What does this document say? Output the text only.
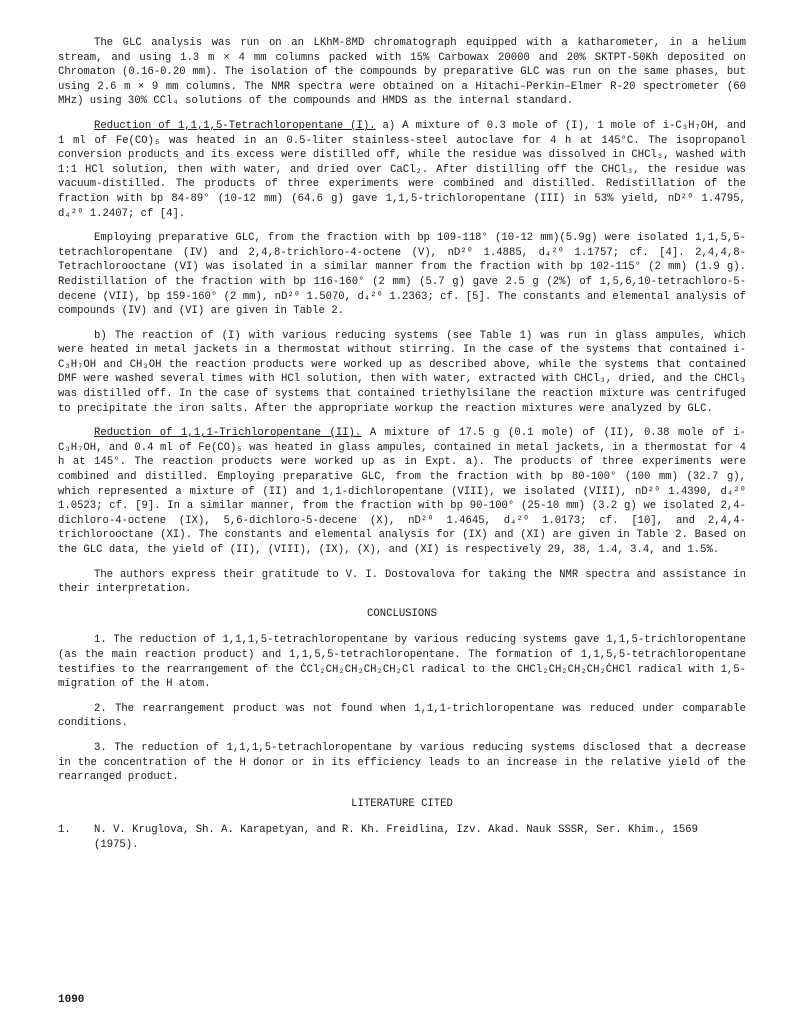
The GLC analysis was run on an LKhM-8MD chromatograph equipped with a katharometer, in a helium stream, and using 1.3 m × 4 mm columns packed with 15% Carbowax 20000 and 20% SKTPT-50Kh deposited on Chromaton (0.16-0.20 mm). The isolation of the compounds by preparative GLC was run on the same phases, but using 2.6 m × 9 mm columns. The NMR spectra were obtained on a Hitachi–Perkin–Elmer R-20 spectrometer (60 MHz) using 30% CCl₄ solutions of the compounds and HMDS as the internal standard.

Reduction of 1,1,1,5-Tetrachloropentane (I). a) A mixture of 0.3 mole of (I), 1 mole of i-C₃H₇OH, and 1 ml of Fe(CO)₅ was heated in an 0.5-liter stainless-steel autoclave for 4 h at 145°C. The isopropanol conversion products and its excess were distilled off, while the residue was dissolved in CHCl₃, washed with 1:1 HCl solution, then with water, and dried over CaCl₂. After distilling off the CHCl₃, the residue was vacuum-distilled. The products of three experiments were combined and distilled. Redistillation of the fraction with bp 84-89° (10-12 mm) (64.6 g) gave 1,1,5-trichloropentane (III) in 53% yield, nD²⁰ 1.4795, d₄²⁰ 1.2407; cf [4].

Employing preparative GLC, from the fraction with bp 109-118° (10-12 mm)(5.9g) were isolated 1,1,5,5-tetrachloropentane (IV) and 2,4,8-trichloro-4-octene (V), nD²⁰ 1.4885, d₄²⁰ 1.1757; cf. [4]. 2,4,4,8-Tetrachlorooctane (VI) was isolated in a similar manner from the fraction with bp 102-115° (2 mm) (1.9 g). Redistillation of the fraction with bp 116-160° (2 mm) (5.7 g) gave 2.5 g (2%) of 1,5,6,10-tetrachloro-5-decene (VII), bp 159-160° (2 mm), nD²⁰ 1.5070, d₄²⁰ 1.2363; cf. [5]. The constants and elemental analysis of compounds (IV) and (VI) are given in Table 2.

b) The reaction of (I) with various reducing systems (see Table 1) was run in glass ampules, which were heated in metal jackets in a thermostat without stirring. In the case of the systems that contained i-C₃H₇OH and CH₃OH the reaction products were worked up as described above, while the systems that contained DMF were washed several times with HCl solution, then with water, extracted with CHCl₃, dried, and the CHCl₃ was distilled off. In the case of systems that contained triethylsilane the reaction mixture was centrifuged to precipitate the iron salts. After the appropriate workup the reaction mixtures were analyzed by GLC.

Reduction of 1,1,1-Trichloropentane (II). A mixture of 17.5 g (0.1 mole) of (II), 0.38 mole of i-C₃H₇OH, and 0.4 ml of Fe(CO)₅ was heated in glass ampules, contained in metal jackets, in a thermostat for 4 h at 145°. The reaction products were worked up as in Expt. a). The products of three experiments were combined and distilled. Employing preparative GLC, from the fraction with bp 80-100° (100 mm) (32.7 g), which represented a mixture of (II) and 1,1-dichloropentane (VIII), we isolated (VIII), nD²⁰ 1.4390, d₄²⁰ 1.0523; cf. [9]. In a similar manner, from the fraction with bp 90-100° (25-10 mm) (3.2 g) we isolated 2,4-dichloro-4-octene (IX), 5,6-dichloro-5-decene (X), nD²⁰ 1.4645, d₄²⁰ 1.0173; cf. [10], and 2,4,4-trichlorooctane (XI). The constants and elemental analysis for (IX) and (XI) are given in Table 2. Based on the GLC data, the yield of (II), (VIII), (IX), (X), and (XI) is respectively 29, 38, 1.4, 3.4, and 1.5%.

The authors express their gratitude to V. I. Dostovalova for taking the NMR spectra and assistance in their interpretation.

CONCLUSIONS

1. The reduction of 1,1,1,5-tetrachloropentane by various reducing systems gave 1,1,5-trichloropentane (as the main reaction product) and 1,1,5,5-tetrachloropentane. The formation of 1,1,5,5-tetrachloropentane testifies to the rearrangement of the ĊCl₂CH₂CH₂CH₂CH₂Cl radical to the CHCl₂CH₂CH₂CH₂ĊHCl radical with 1,5-migration of the H atom.

2. The rearrangement product was not found when 1,1,1-trichloropentane was reduced under comparable conditions.

3. The reduction of 1,1,1,5-tetrachloropentane by various reducing systems disclosed that a decrease in the concentration of the H donor or in its efficiency leads to an increase in the relative yield of the rearranged product.

LITERATURE CITED
1.	N. V. Kruglova, Sh. A. Karapetyan, and R. Kh. Freidlina, Izv. Akad. Nauk SSSR, Ser. Khim., 1569 (1975).
1090
